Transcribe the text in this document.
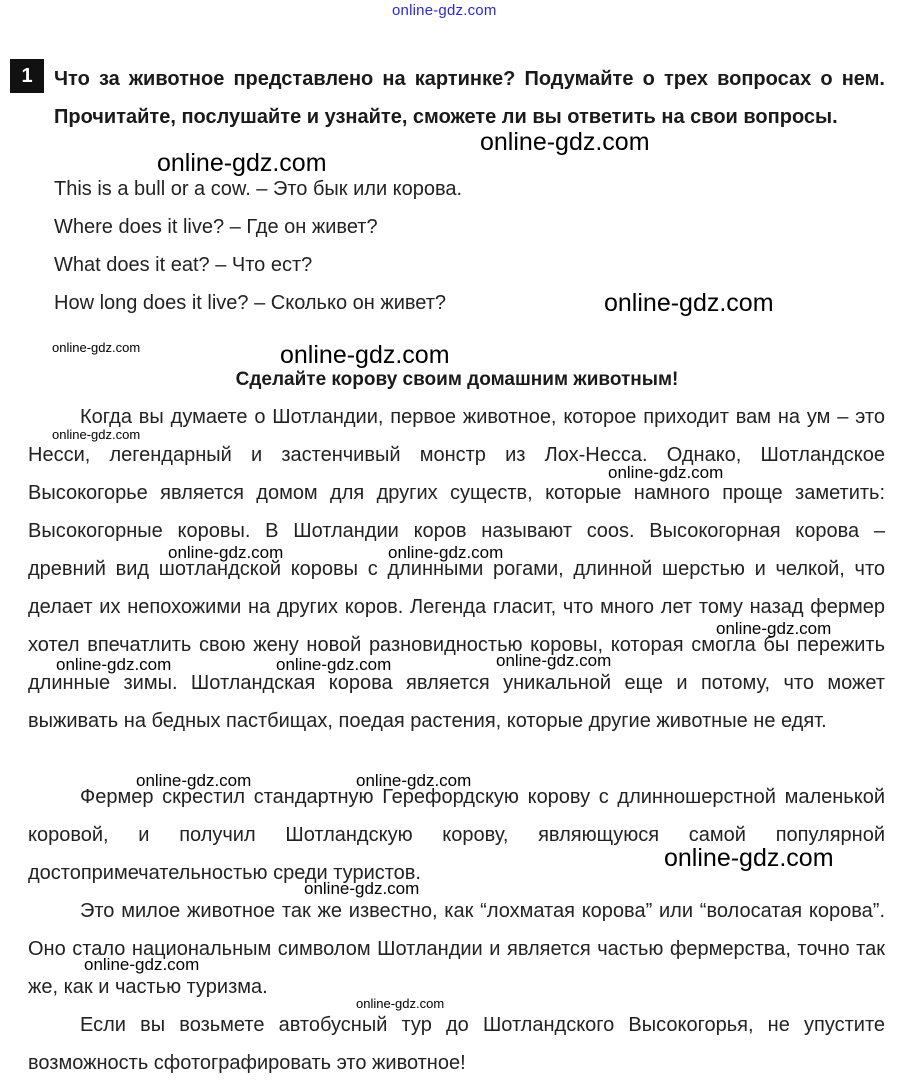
online-gdz.com
1	Что за животное представлено на картинке? Подумайте о трех вопросах о нем. Прочитайте, послушайте и узнайте, сможете ли вы ответить на свои вопросы.
This is a bull or a cow. – Это бык или корова.
Where does it live? – Где он живет?
What does it eat? – Что ест?
How long does it live? – Сколько он живет?
Сделайте корову своим домашним животным!

Когда вы думаете о Шотландии, первое животное, которое приходит вам на ум – это Несси, легендарный и застенчивый монстр из Лох-Несса. Однако, Шотландское Высокогорье является домом для других существ, которые намного проще заметить: Высокогорные коровы. В Шотландии коров называют coos. Высокогорная корова – древний вид шотландской коровы с длинными рогами, длинной шерстью и челкой, что делает их непохожими на других коров. Легенда гласит, что много лет тому назад фермер хотел впечатлить свою жену новой разновидностью коровы, которая смогла бы пережить длинные зимы. Шотландская корова является уникальной еще и потому, что может выживать на бедных пастбищах, поедая растения, которые другие животные не едят.

Фермер скрестил стандартную Герефордскую корову с длинношерстной маленькой коровой, и получил Шотландскую корову, являющуюся самой популярной достопримечательностью среди туристов.

Это милое животное так же известно, как “лохматая корова” или “волосатая корова”. Оно стало национальным символом Шотландии и является частью фермерства, точно так же, как и частью туризма.

Если вы возьмете автобусный тур до Шотландского Высокогорья, не упустите возможность сфотографировать это животное!

online-gdz.com
online-gdz.com
online-gdz.com
online-gdz.com	online-gdz.com
online-gdz.com
online-gdz.com
online-gdz.com	online-gdz.com
online-gdz.com
online-gdz.com
online-gdz.com	online-gdz.com
online-gdz.com	online-gdz.com
online-gdz.com
online-gdz.com
online-gdz.com
online-gdz.com
